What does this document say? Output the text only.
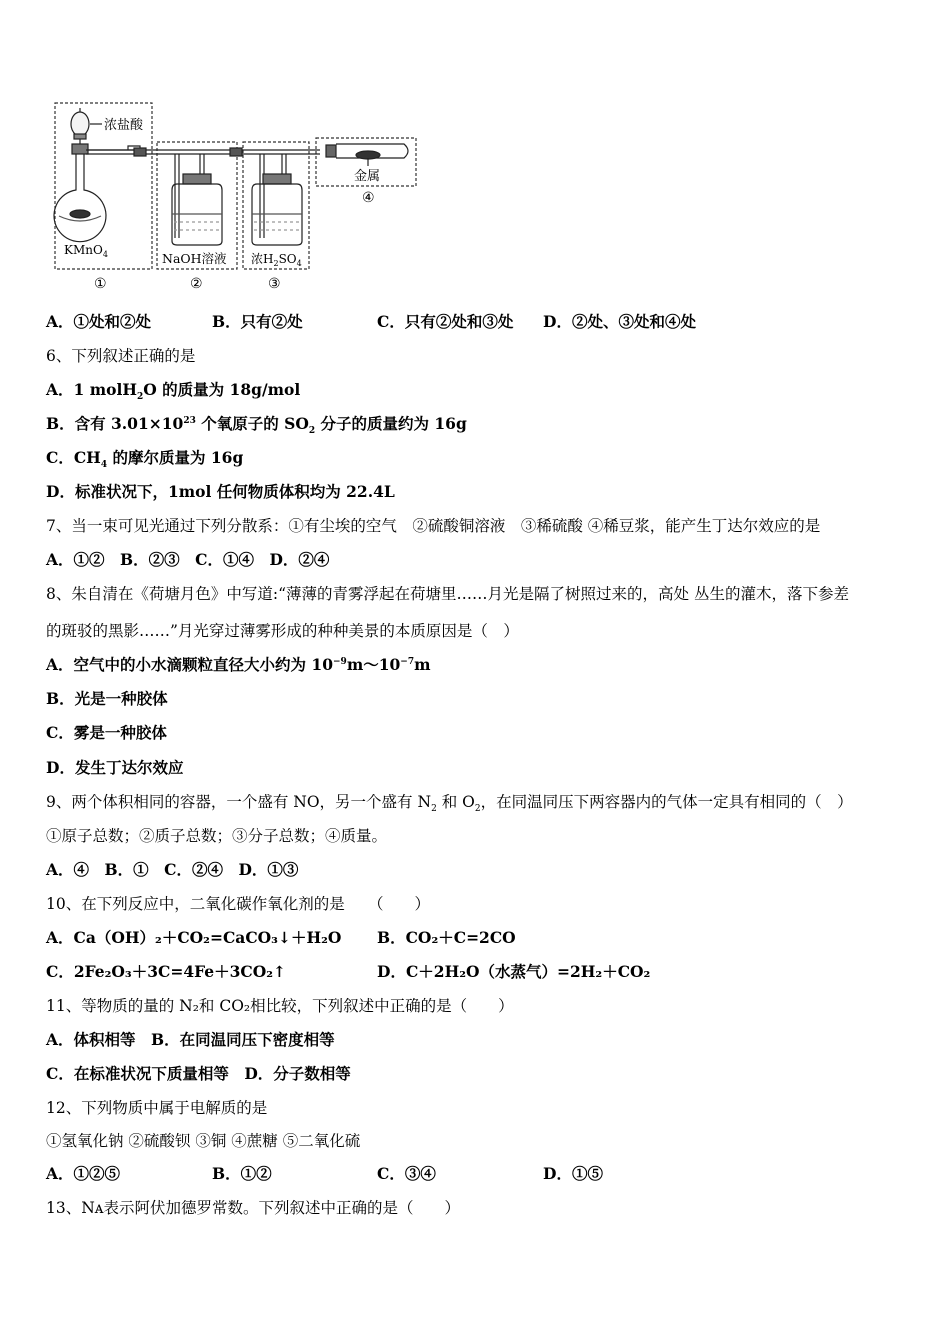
浓盐酸
KMnO$_4$	NaOH溶液 浓$H_2SO_4$
金属
①	②	③
④
A．①处和②处	B．只有②处	C．只有②处和③处 D．②处、③处和④处
6、下列叙述正确的是
A．1 molH$_2$O 的质量为 18g/mol
B．含有 $3.01\times 10^{23}$ 个氧原子的 $SO_2$ 分子的质量约为 16g
C．$CH_4$ 的摩尔质量为 16g
D．标准状况下，1mol 任何物质体积均为 22.4L
7、当一束可见光通过下列分散系：①有尘埃的空气　②硫酸铜溶液　③稀硫酸 ④稀豆浆，能产生丁达尔效应的是
A．①②　B．②③　C．①④　D．②④
8、朱自清在《荷塘月色》中写道:“薄薄的青雾浮起在荷塘里……月光是隔了树照过来的，高处 丛生的灌木，落下参差
的斑驳的黑影……”月光穿过薄雾形成的种种美景的本质原因是（　）
A．空气中的小水滴颗粒直径大小约为 $10^{-9}m\sim 10^{-7}m$
B．光是一种胶体
C．雾是一种胶体
D．发生丁达尔效应
9、两个体积相同的容器，一个盛有 NO，另一个盛有 $N_2$ 和 $O_2$，在同温同压下两容器内的气体一定具有相同的（　）
①原子总数；②质子总数；③分子总数；④质量。
A．④　B．①　C．②④　D．①③
10、在下列反应中，二氧化碳作氧化剂的是　　（　　）
A．Ca（OH）₂＋CO₂=CaCO₃↓＋H₂O B．CO₂＋C=2CO
C．2Fe₂O₃＋3C=4Fe＋3CO₂↑	D．C＋2H₂O（水蒸气）=2H₂＋CO₂
11、等物质的量的 N₂和 CO₂相比较，下列叙述中正确的是（　　）
A．体积相等　B．在同温同压下密度相等
C．在标准状况下质量相等　D．分子数相等
12、下列物质中属于电解质的是
①氢氧化钠 ②硫酸钡 ③铜 ④蔗糖 ⑤二氧化硫
A．①②⑤	B．①②	C．③④	D．①⑤
13、Nᴀ表示阿伏加德罗常数。下列叙述中正确的是（　　）
